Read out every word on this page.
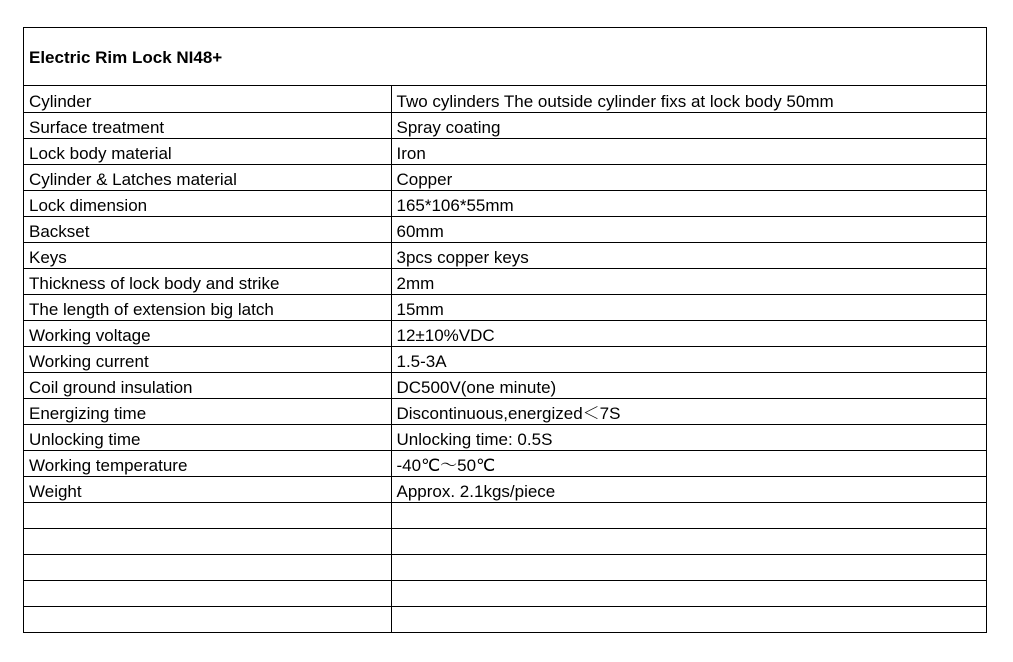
Electric Rim Lock NI48+
Cylinder	Two cylinders The outside cylinder fixs at lock body 50mm
Surface treatment	Spray coating
Lock body material	Iron
Cylinder & Latches material	Copper
Lock dimension	165*106*55mm
Backset	60mm
Keys	3pcs copper keys
Thickness of lock body and strike	2mm
The length of extension big latch	15mm
Working voltage	12±10%VDC
Working current	1.5-3A
Coil ground insulation	DC500V(one minute)
Energizing time	Discontinuous,energized＜7S
Unlocking time	Unlocking time: 0.5S
Working temperature	-40℃～50℃
Weight	Approx. 2.1kgs/piece
